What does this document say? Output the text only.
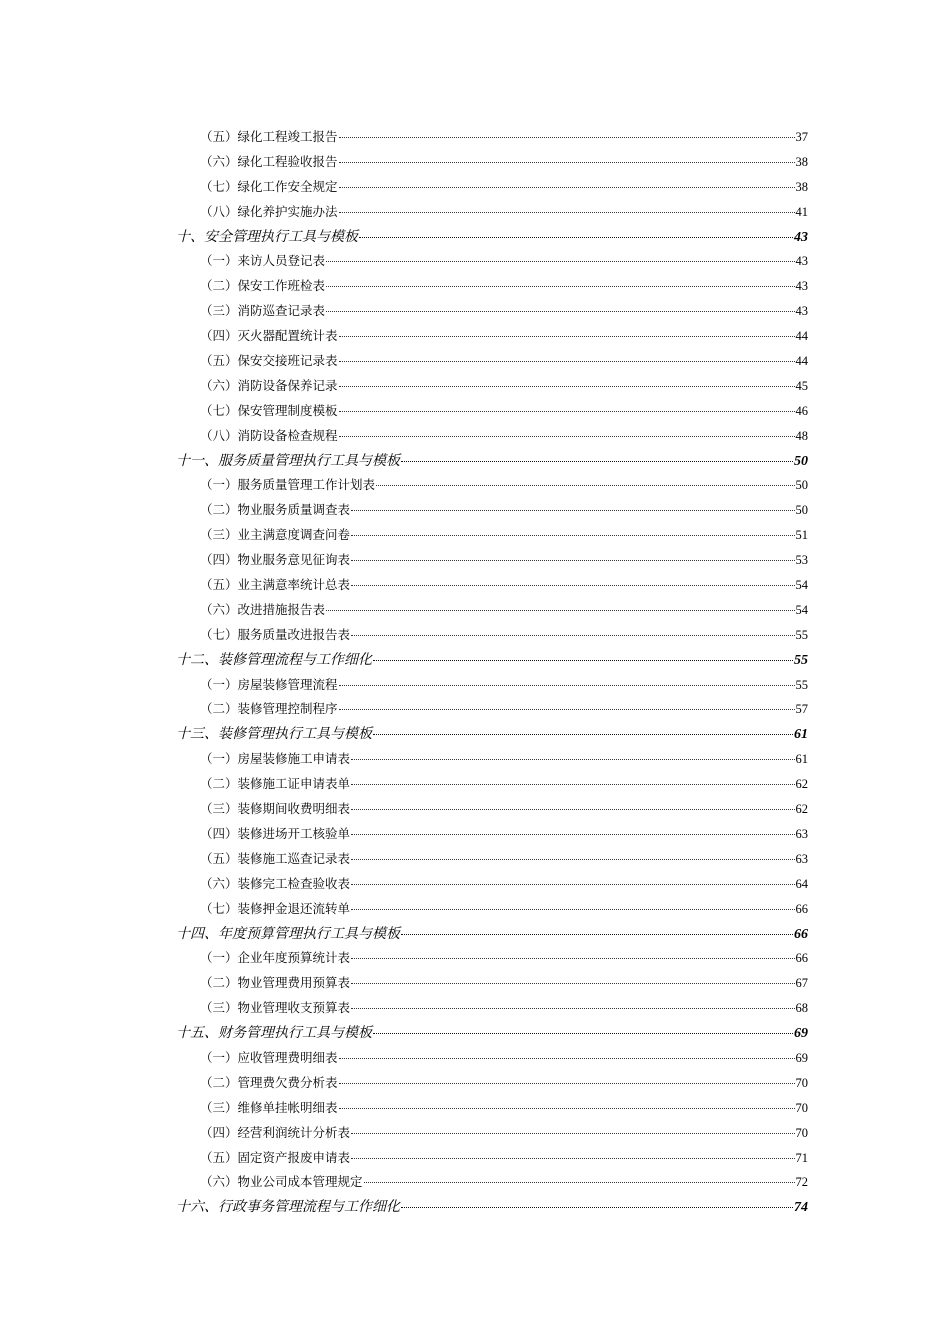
（五）绿化工程竣工报告	37
（六）绿化工程验收报告	38
（七）绿化工作安全规定	38
（八）绿化养护实施办法	41
十、安全管理执行工具与模板	43
（一）来访人员登记表	43
（二）保安工作班检表	43
（三）消防巡查记录表	43
（四）灭火器配置统计表	44
（五）保安交接班记录表	44
（六）消防设备保养记录	45
（七）保安管理制度模板	46
（八）消防设备检查规程	48
十一、服务质量管理执行工具与模板	50
（一）服务质量管理工作计划表	50
（二）物业服务质量调查表	50
（三）业主满意度调查问卷	51
（四）物业服务意见征询表	53
（五）业主满意率统计总表	54
（六）改进措施报告表	54
（七）服务质量改进报告表	55
十二、装修管理流程与工作细化	55
（一）房屋装修管理流程	55
（二）装修管理控制程序	57
十三、装修管理执行工具与模板	61
（一）房屋装修施工申请表	61
（二）装修施工证申请表单	62
（三）装修期间收费明细表	62
（四）装修进场开工核验单	63
（五）装修施工巡查记录表	63
（六）装修完工检查验收表	64
（七）装修押金退还流转单	66
十四、年度预算管理执行工具与模板	66
（一）企业年度预算统计表	66
（二）物业管理费用预算表	67
（三）物业管理收支预算表	68
十五、财务管理执行工具与模板	69
（一）应收管理费明细表	69
（二）管理费欠费分析表	70
（三）维修单挂帐明细表	70
（四）经营利润统计分析表	70
（五）固定资产报废申请表	71
（六）物业公司成本管理规定	72
十六、行政事务管理流程与工作细化	74
